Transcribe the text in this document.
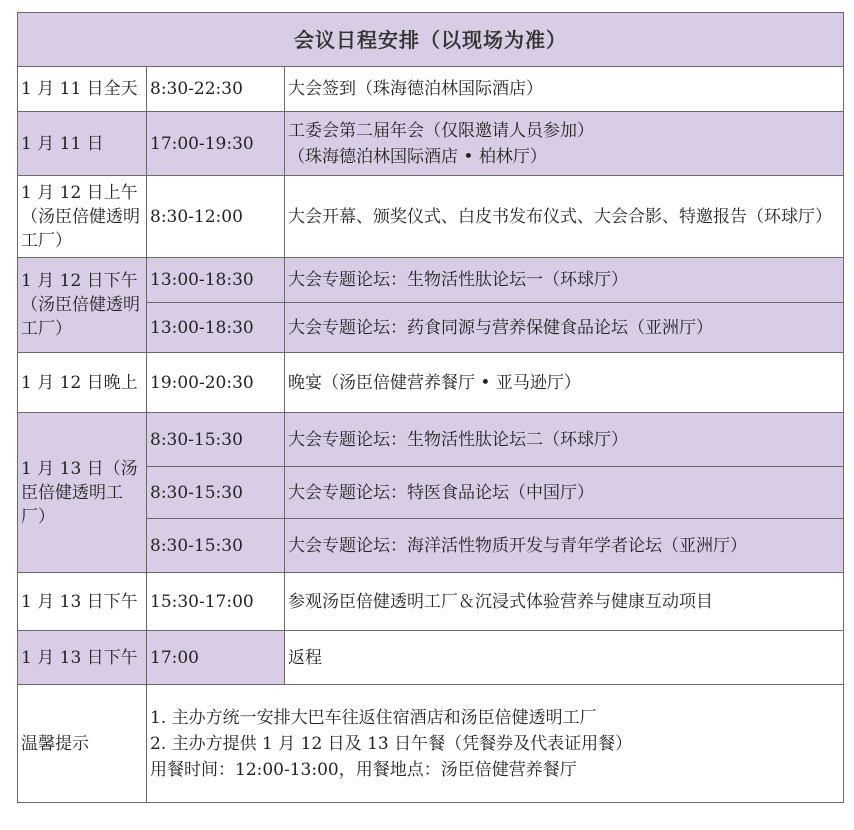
会议日程安排（以现场为准）		
1 月 11 日全天	8:30-22:30	大会签到（珠海德泊林国际酒店）
1 月 11 日	17:00-19:30	工委会第二届年会（仅限邀请人员参加）
（珠海德泊林国际酒店 • 柏林厅）

1 月 12 日上午（汤臣倍健透明工厂）	8:30-12:00	大会开幕、颁奖仪式、白皮书发布仪式、大会合影、特邀报告（环球厅）
1 月 12 日下午（汤臣倍健透明工厂）	13:00-18:30	大会专题论坛：生物活性肽论坛一（环球厅）
	13:00-18:30	大会专题论坛：药食同源与营养保健食品论坛（亚洲厅）
1 月 12 日晚上	19:00-20:30	晚宴（汤臣倍健营养餐厅 • 亚马逊厅）
1 月 13 日（汤臣倍健透明工厂）	8:30-15:30	大会专题论坛：生物活性肽论坛二（环球厅）
	8:30-15:30	大会专题论坛：特医食品论坛（中国厅）
	8:30-15:30	大会专题论坛：海洋活性物质开发与青年学者论坛（亚洲厅）
1 月 13 日下午	15:30-17:00	参观汤臣倍健透明工厂＆沉浸式体验营养与健康互动项目
1 月 13 日下午	17:00	返程
温馨提示	1. 主办方统一安排大巴车往返住宿酒店和汤臣倍健透明工厂
2. 主办方提供 1 月 12 日及 13 日午餐（凭餐券及代表证用餐）
用餐时间：12:00-13:00，用餐地点：汤臣倍健营养餐厅	
